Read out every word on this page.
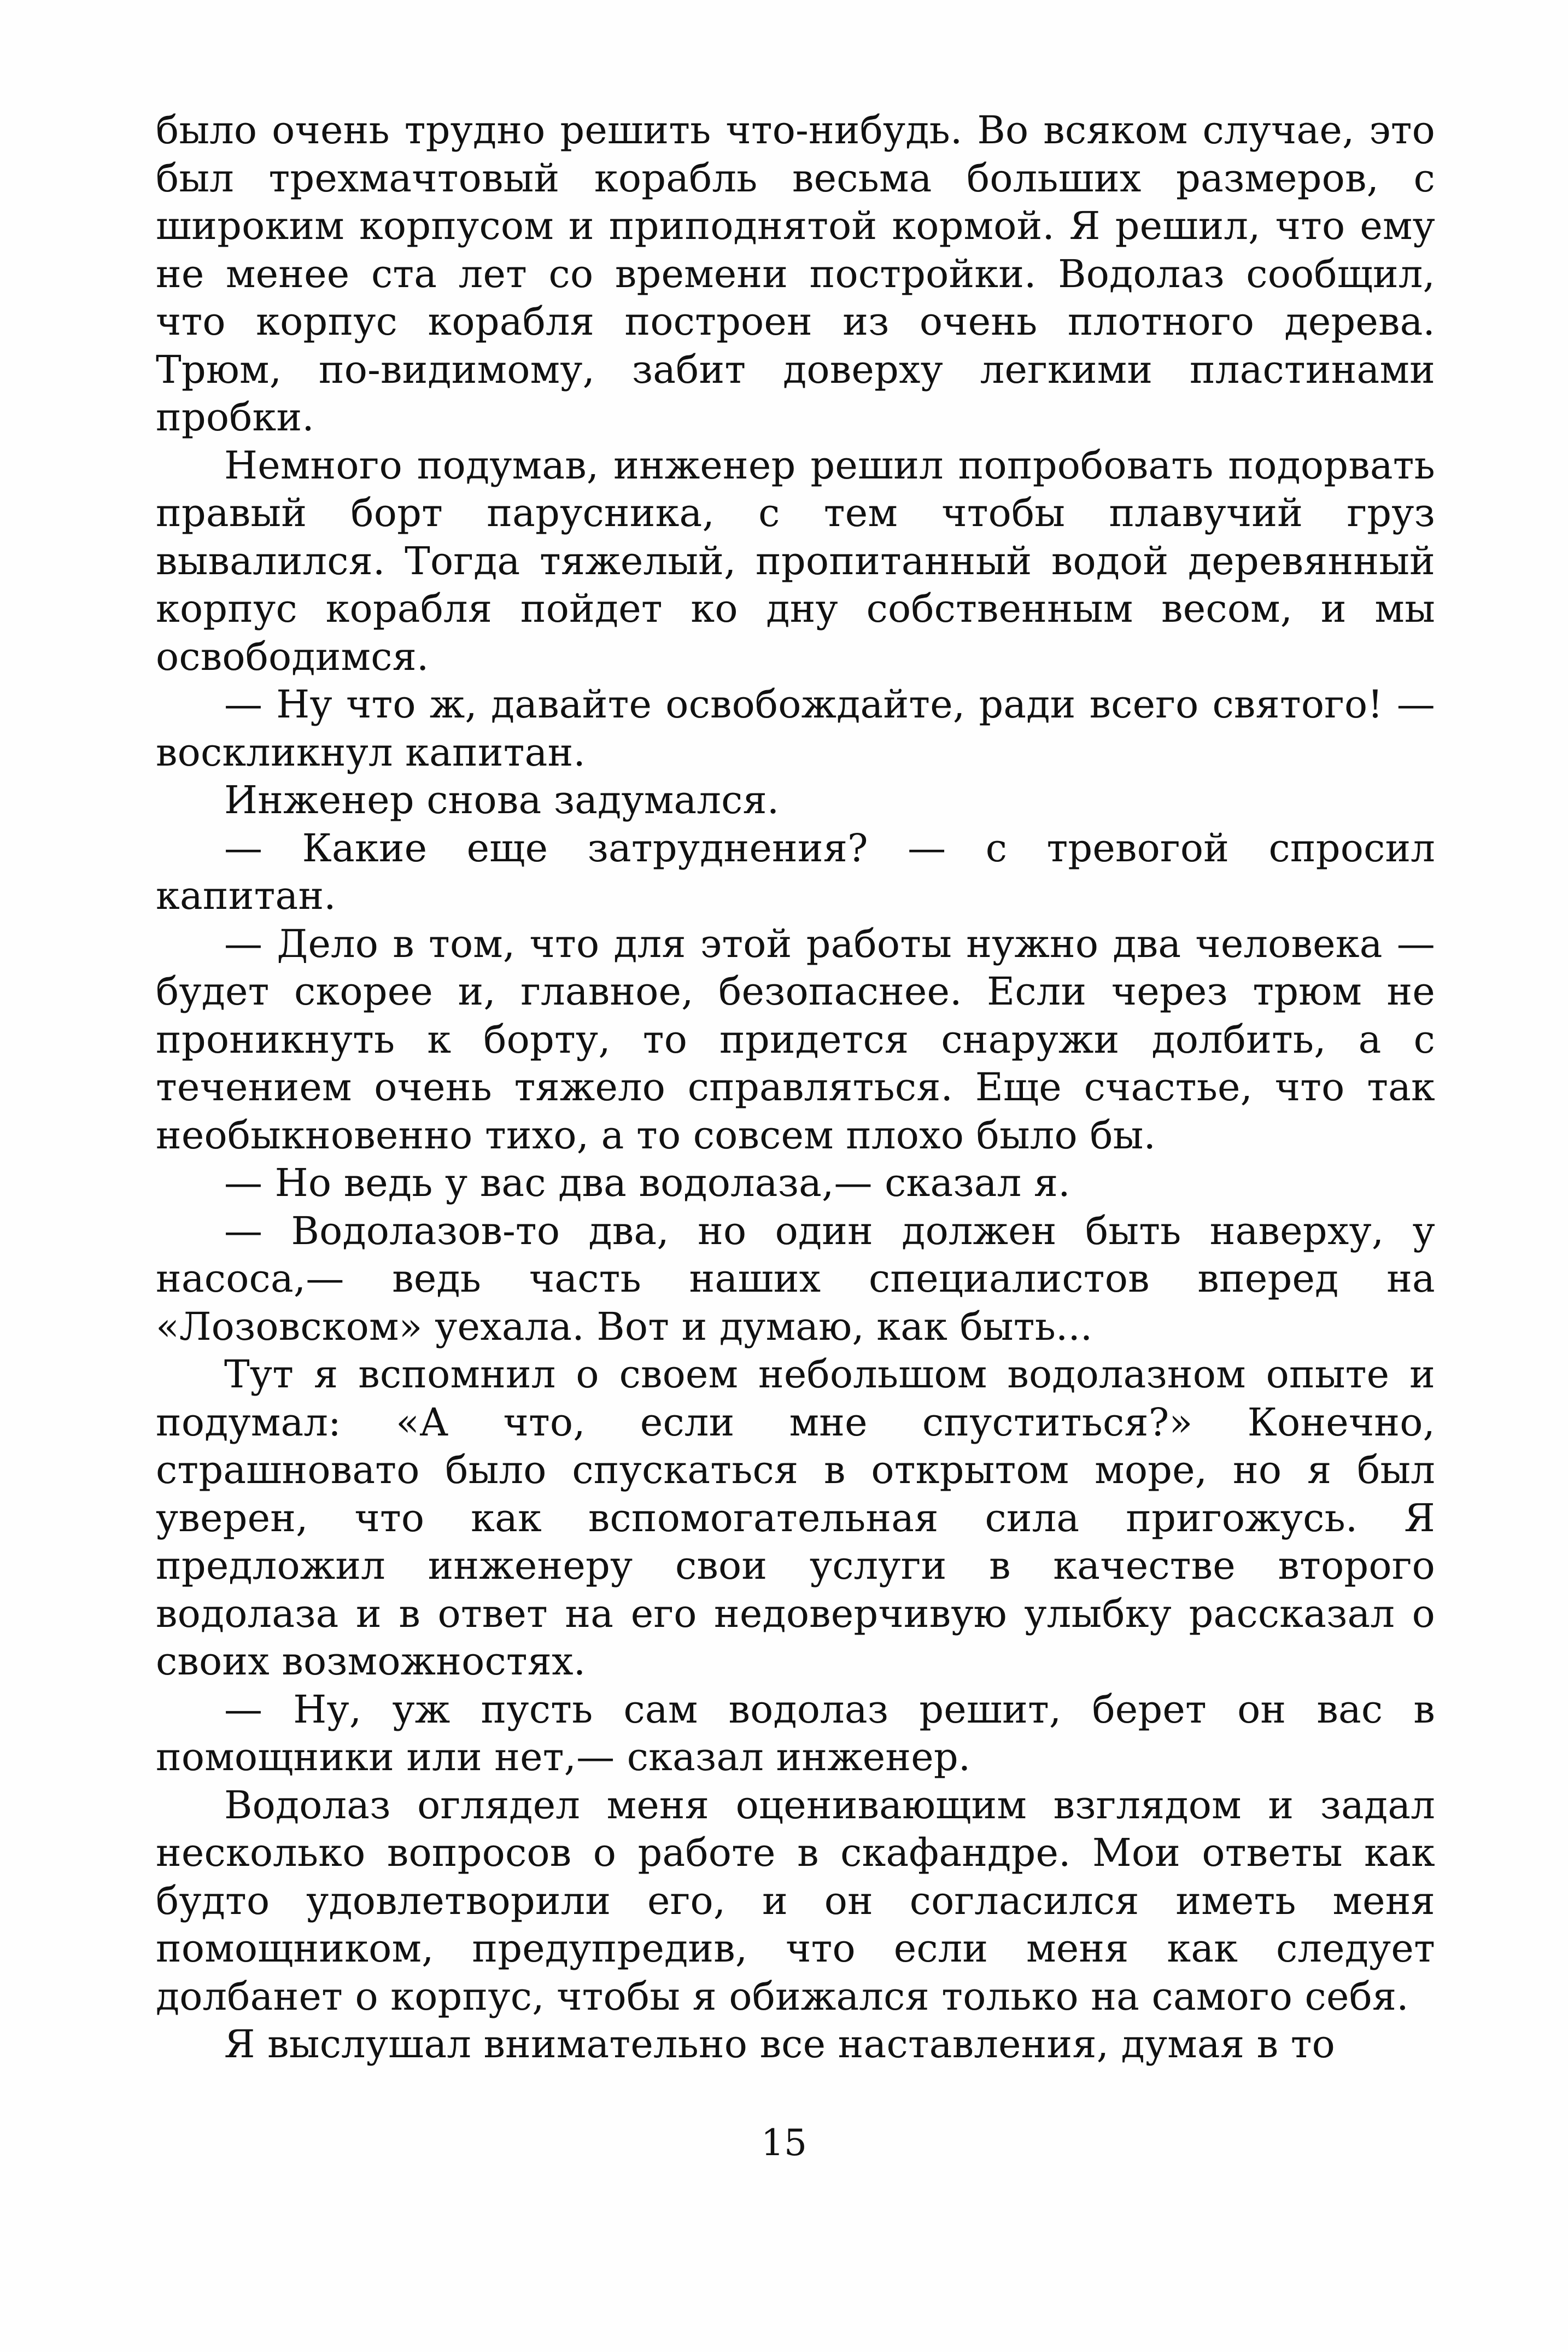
было очень трудно решить что-нибудь. Во всяком случае, это был трехмачтовый корабль весьма больших размеров, с широким корпусом и приподнятой кормой. Я решил, что ему не менее ста лет со времени постройки. Водолаз сообщил, что корпус корабля построен из очень плотного дерева. Трюм, по-видимому, забит доверху легкими пластинами пробки.

Немного подумав, инженер решил попробовать подорвать правый борт парусника, с тем чтобы плавучий груз вывалился. Тогда тяжелый, пропитанный водой деревянный корпус корабля пойдет ко дну собственным весом, и мы освободимся.

— Ну что ж, давайте освобождайте, ради всего святого! — воскликнул капитан.

Инженер снова задумался.

— Какие еще затруднения? — с тревогой спросил капитан.

— Дело в том, что для этой работы нужно два человека — будет скорее и, главное, безопаснее. Если через трюм не проникнуть к борту, то придется снаружи долбить, а с течением очень тяжело справляться. Еще счастье, что так необыкновенно тихо, а то совсем плохо было бы.

— Но ведь у вас два водолаза,— сказал я.

— Водолазов-то два, но один должен быть наверху, у насоса,— ведь часть наших специалистов вперед на «Лозовском» уехала. Вот и думаю, как быть...

Тут я вспомнил о своем небольшом водолазном опыте и подумал: «А что, если мне спуститься?» Конечно, страшновато было спускаться в открытом море, но я был уверен, что как вспомогательная сила пригожусь. Я предложил инженеру свои услуги в качестве второго водолаза и в ответ на его недоверчивую улыбку рассказал о своих возможностях.

— Ну, уж пусть сам водолаз решит, берет он вас в помощники или нет,— сказал инженер.

Водолаз оглядел меня оценивающим взглядом и задал несколько вопросов о работе в скафандре. Мои ответы как будто удовлетворили его, и он согласился иметь меня помощником, предупредив, что если меня как следует долбанет о корпус, чтобы я обижался только на самого себя.

Я выслушал внимательно все наставления, думая в то

15
